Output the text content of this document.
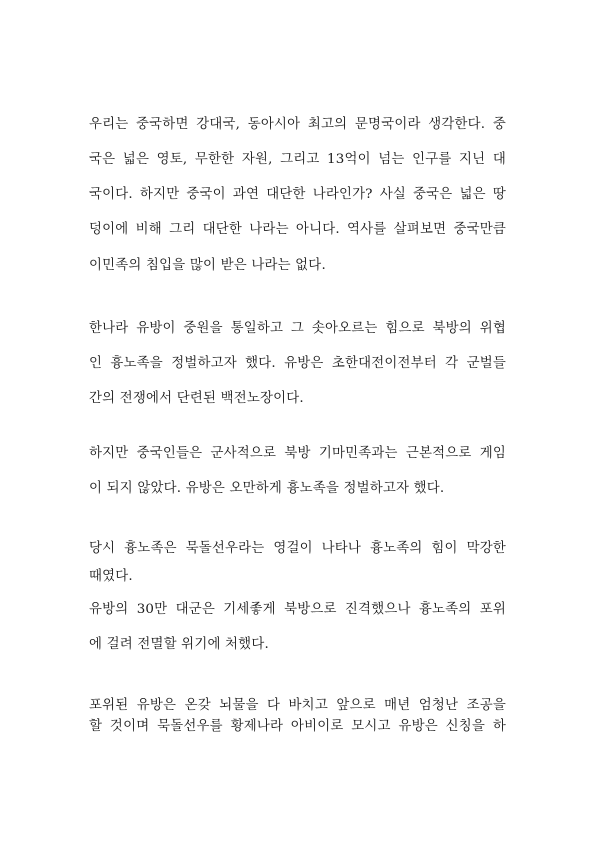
우리는 중국하면 강대국, 동아시아 최고의 문명국이라 생각한다. 중
국은 넓은 영토, 무한한 자원, 그리고 13억이 넘는 인구를 지닌 대
국이다. 하지만 중국이 과연 대단한 나라인가? 사실 중국은 넓은 땅
덩이에 비해 그리 대단한 나라는 아니다. 역사를 살펴보면 중국만큼
이민족의 침입을 많이 받은 나라는 없다.
한나라 유방이 중원을 통일하고 그 솟아오르는 힘으로 북방의 위협
인 흉노족을 정벌하고자 했다. 유방은 초한대전이전부터 각 군벌들
간의 전쟁에서 단련된 백전노장이다.
하지만 중국인들은 군사적으로 북방 기마민족과는 근본적으로 게임
이 되지 않았다. 유방은 오만하게 흉노족을 정벌하고자 했다.
당시 흉노족은 묵돌선우라는 영걸이 나타나 흉노족의 힘이 막강한
때였다.
유방의 30만 대군은 기세좋게 북방으로 진격했으나 흉노족의 포위
에 걸려 전멸할 위기에 처했다.
포위된 유방은 온갖 뇌물을 다 바치고 앞으로 매년 엄청난 조공을
할 것이며 묵돌선우를 황제나라 아비이로 모시고 유방은 신칭을 하
